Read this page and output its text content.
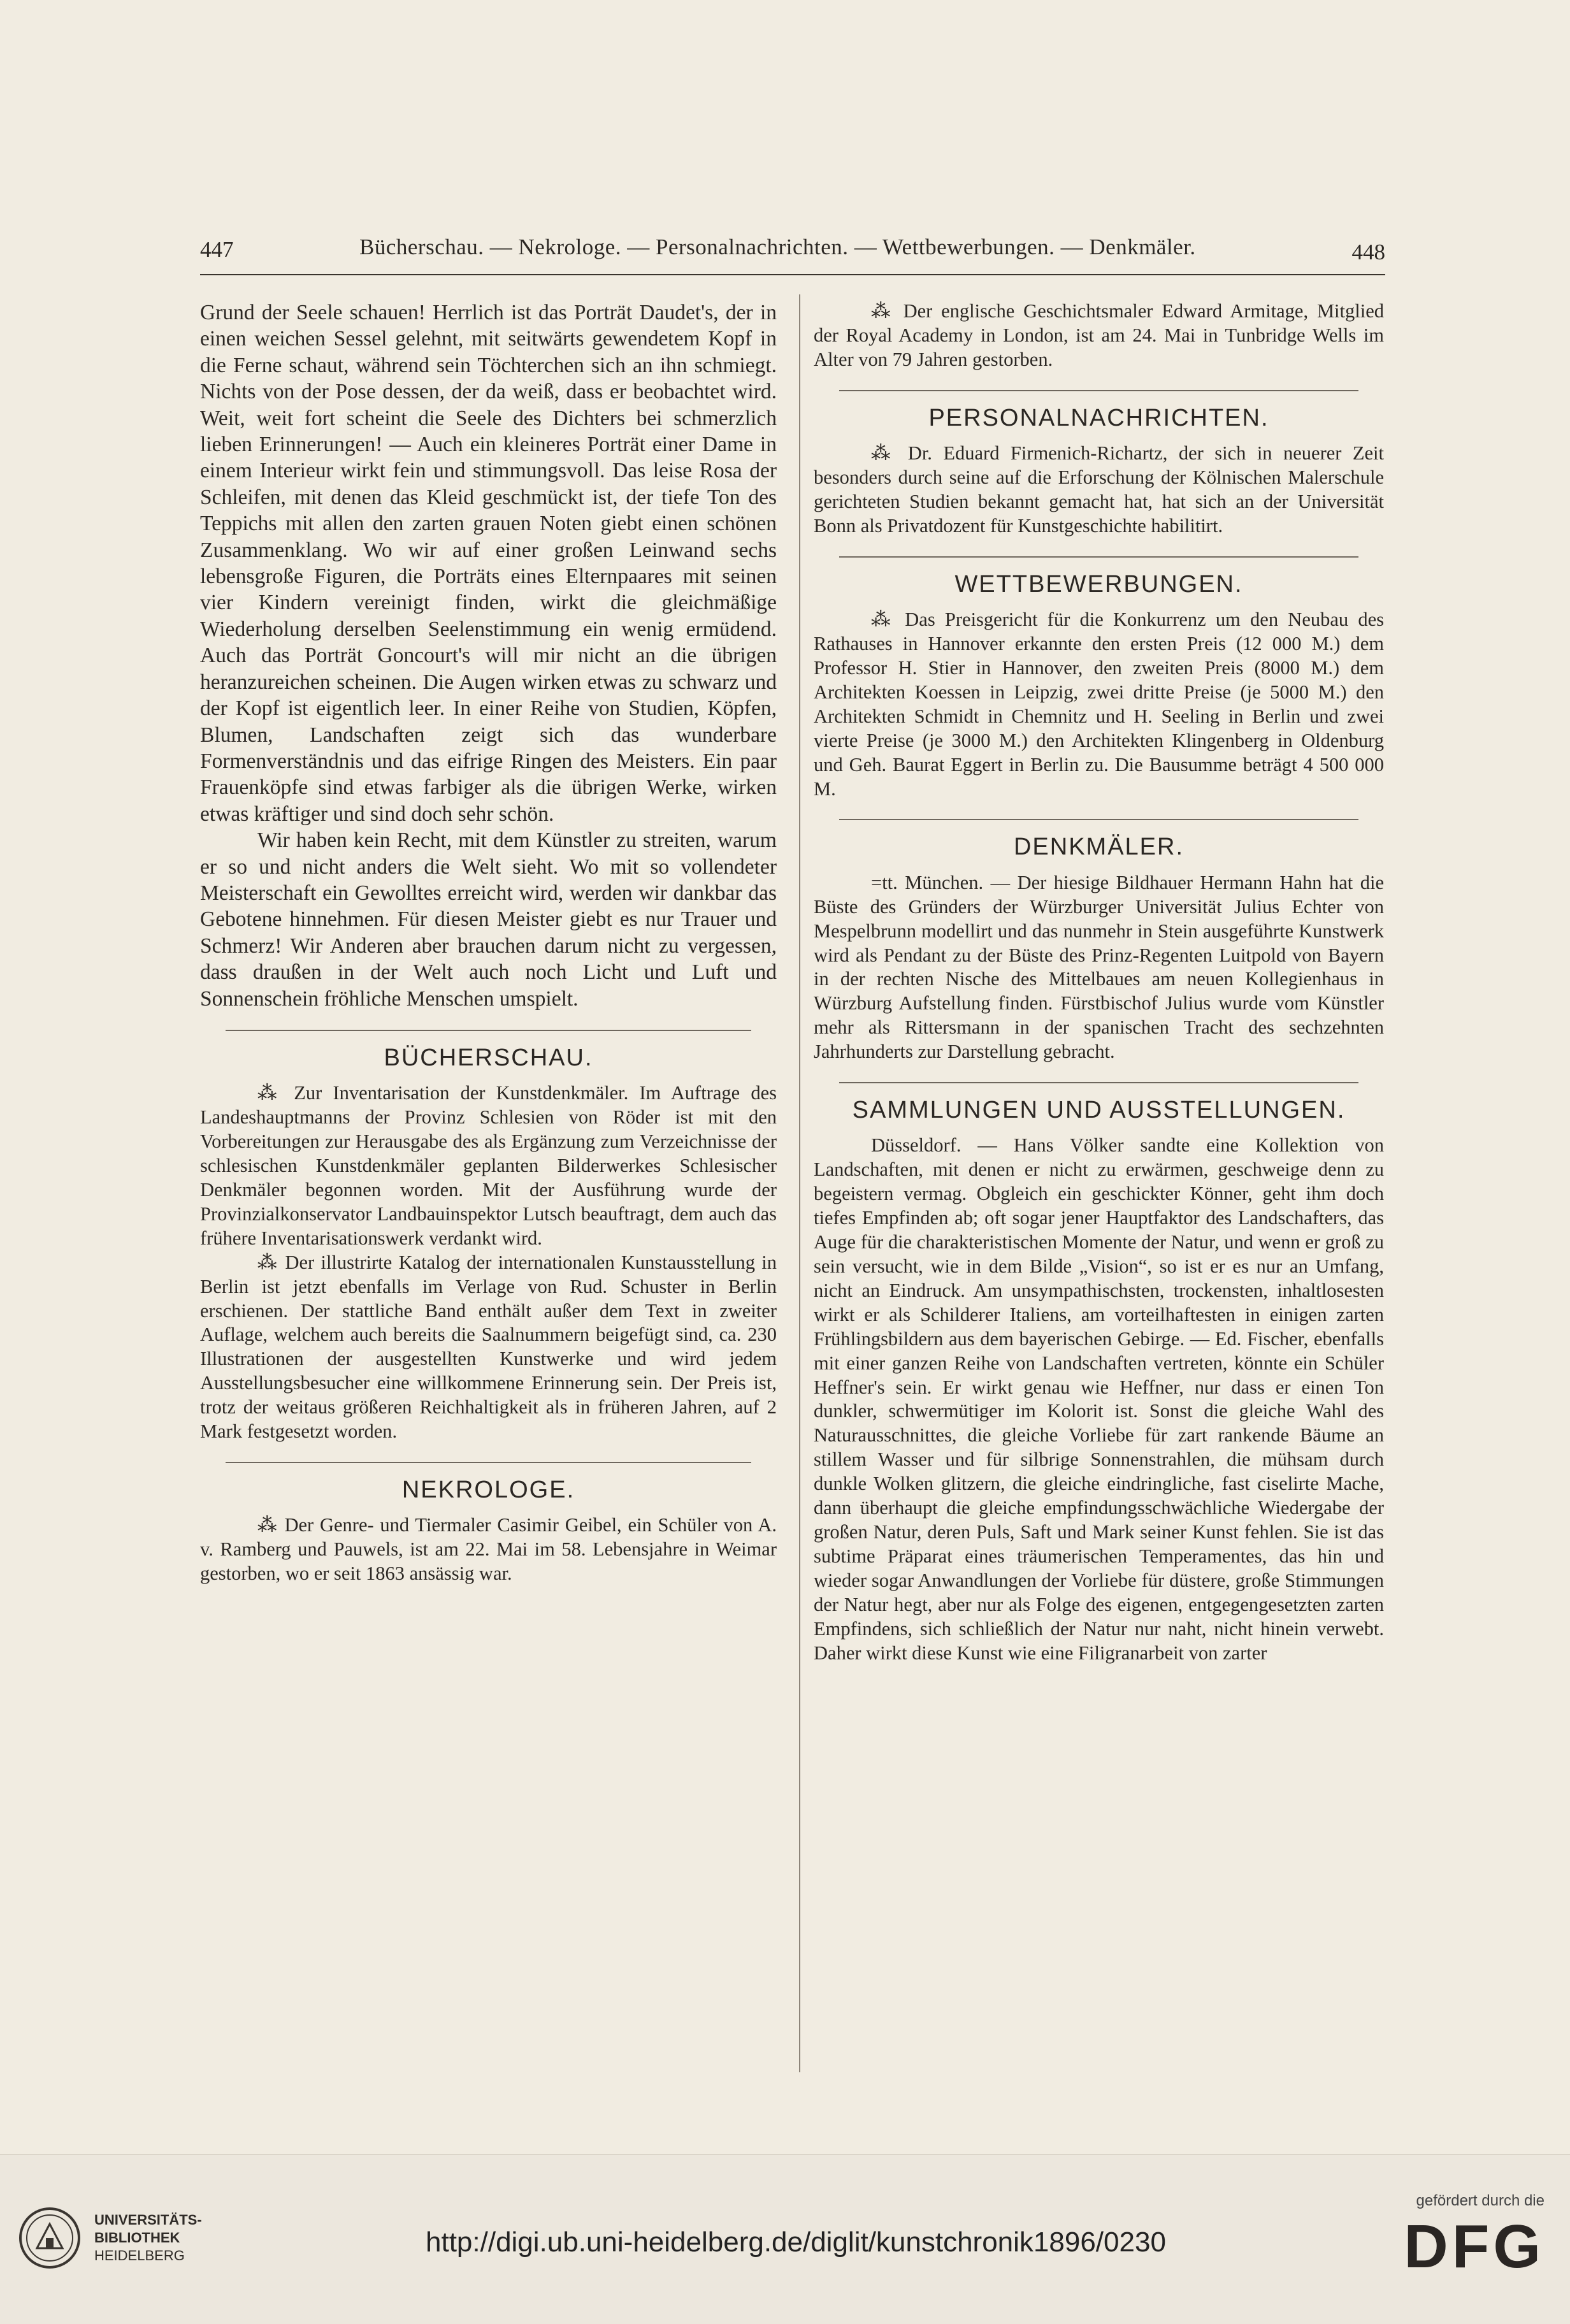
447	Bücherschau. — Nekrologe. — Personalnachrichten. — Wettbewerbungen. — Denkmäler.	448

Grund der Seele schauen! Herrlich ist das Porträt Daudet's, der in einen weichen Sessel gelehnt, mit seitwärts gewendetem Kopf in die Ferne schaut, während sein Töchterchen sich an ihn schmiegt. Nichts von der Pose dessen, der da weiß, dass er beobachtet wird. Weit, weit fort scheint die Seele des Dichters bei schmerzlich lieben Erinnerungen! — Auch ein kleineres Porträt einer Dame in einem Interieur wirkt fein und stimmungsvoll. Das leise Rosa der Schleifen, mit denen das Kleid geschmückt ist, der tiefe Ton des Teppichs mit allen den zarten grauen Noten giebt einen schönen Zusammenklang. Wo wir auf einer großen Leinwand sechs lebensgroße Figuren, die Porträts eines Elternpaares mit seinen vier Kindern vereinigt finden, wirkt die gleichmäßige Wiederholung derselben Seelenstimmung ein wenig ermüdend. Auch das Porträt Goncourt's will mir nicht an die übrigen heranzureichen scheinen. Die Augen wirken etwas zu schwarz und der Kopf ist eigentlich leer. In einer Reihe von Studien, Köpfen, Blumen, Landschaften zeigt sich das wunderbare Formenverständnis und das eifrige Ringen des Meisters. Ein paar Frauenköpfe sind etwas farbiger als die übrigen Werke, wirken etwas kräftiger und sind doch sehr schön.

Wir haben kein Recht, mit dem Künstler zu streiten, warum er so und nicht anders die Welt sieht. Wo mit so vollendeter Meisterschaft ein Gewolltes erreicht wird, werden wir dankbar das Gebotene hinnehmen. Für diesen Meister giebt es nur Trauer und Schmerz! Wir Anderen aber brauchen darum nicht zu vergessen, dass draußen in der Welt auch noch Licht und Luft und Sonnenschein fröhliche Menschen umspielt.

BÜCHERSCHAU.

⁂ Zur Inventarisation der Kunstdenkmäler. Im Auftrage des Landeshauptmanns der Provinz Schlesien von Röder ist mit den Vorbereitungen zur Herausgabe des als Ergänzung zum Verzeichnisse der schlesischen Kunstdenkmäler geplanten Bilderwerkes Schlesischer Denkmäler begonnen worden. Mit der Ausführung wurde der Provinzialkonservator Landbauinspektor Lutsch beauftragt, dem auch das frühere Inventarisationswerk verdankt wird.

⁂ Der illustrirte Katalog der internationalen Kunstausstellung in Berlin ist jetzt ebenfalls im Verlage von Rud. Schuster in Berlin erschienen. Der stattliche Band enthält außer dem Text in zweiter Auflage, welchem auch bereits die Saalnummern beigefügt sind, ca. 230 Illustrationen der ausgestellten Kunstwerke und wird jedem Ausstellungsbesucher eine willkommene Erinnerung sein. Der Preis ist, trotz der weitaus größeren Reichhaltigkeit als in früheren Jahren, auf 2 Mark festgesetzt worden.

NEKROLOGE.

⁂ Der Genre- und Tiermaler Casimir Geibel, ein Schüler von A. v. Ramberg und Pauwels, ist am 22. Mai im 58. Lebensjahre in Weimar gestorben, wo er seit 1863 ansässig war.

⁂ Der englische Geschichtsmaler Edward Armitage, Mitglied der Royal Academy in London, ist am 24. Mai in Tunbridge Wells im Alter von 79 Jahren gestorben.

PERSONALNACHRICHTEN.

⁂ Dr. Eduard Firmenich-Richartz, der sich in neuerer Zeit besonders durch seine auf die Erforschung der Kölnischen Malerschule gerichteten Studien bekannt gemacht hat, hat sich an der Universität Bonn als Privatdozent für Kunstgeschichte habilitirt.

WETTBEWERBUNGEN.

⁂ Das Preisgericht für die Konkurrenz um den Neubau des Rathauses in Hannover erkannte den ersten Preis (12 000 M.) dem Professor H. Stier in Hannover, den zweiten Preis (8000 M.) dem Architekten Koessen in Leipzig, zwei dritte Preise (je 5000 M.) den Architekten Schmidt in Chemnitz und H. Seeling in Berlin und zwei vierte Preise (je 3000 M.) den Architekten Klingenberg in Oldenburg und Geh. Baurat Eggert in Berlin zu. Die Bausumme beträgt 4 500 000 M.

DENKMÄLER.

=tt. München. — Der hiesige Bildhauer Hermann Hahn hat die Büste des Gründers der Würzburger Universität Julius Echter von Mespelbrunn modellirt und das nunmehr in Stein ausgeführte Kunstwerk wird als Pendant zu der Büste des Prinz-Regenten Luitpold von Bayern in der rechten Nische des Mittelbaues am neuen Kollegienhaus in Würzburg Aufstellung finden. Fürstbischof Julius wurde vom Künstler mehr als Rittersmann in der spanischen Tracht des sechzehnten Jahrhunderts zur Darstellung gebracht.

SAMMLUNGEN UND AUSSTELLUNGEN.

Düsseldorf. — Hans Völker sandte eine Kollektion von Landschaften, mit denen er nicht zu erwärmen, geschweige denn zu begeistern vermag. Obgleich ein geschickter Könner, geht ihm doch tiefes Empfinden ab; oft sogar jener Hauptfaktor des Landschafters, das Auge für die charakteristischen Momente der Natur, und wenn er groß zu sein versucht, wie in dem Bilde „Vision“, so ist er es nur an Umfang, nicht an Eindruck. Am unsympathischsten, trockensten, inhaltlosesten wirkt er als Schilderer Italiens, am vorteilhaftesten in einigen zarten Frühlingsbildern aus dem bayerischen Gebirge. — Ed. Fischer, ebenfalls mit einer ganzen Reihe von Landschaften vertreten, könnte ein Schüler Heffner's sein. Er wirkt genau wie Heffner, nur dass er einen Ton dunkler, schwermütiger im Kolorit ist. Sonst die gleiche Wahl des Naturausschnittes, die gleiche Vorliebe für zart rankende Bäume an stillem Wasser und für silbrige Sonnenstrahlen, die mühsam durch dunkle Wolken glitzern, die gleiche eindringliche, fast ciselirte Mache, dann überhaupt die gleiche empfindungsschwächliche Wiedergabe der großen Natur, deren Puls, Saft und Mark seiner Kunst fehlen. Sie ist das subtime Präparat eines träumerischen Temperamentes, das hin und wieder sogar Anwandlungen der Vorliebe für düstere, große Stimmungen der Natur hegt, aber nur als Folge des eigenen, entgegengesetzten zarten Empfindens, sich schließlich der Natur nur naht, nicht hinein verwebt. Daher wirkt diese Kunst wie eine Filigranarbeit von zarter

UNIVERSITÄTS-
BIBLIOTHEK
HEIDELBERG	http://digi.ub.uni-heidelberg.de/diglit/kunstchronik1896/0230
gefördert durch die
DFG
